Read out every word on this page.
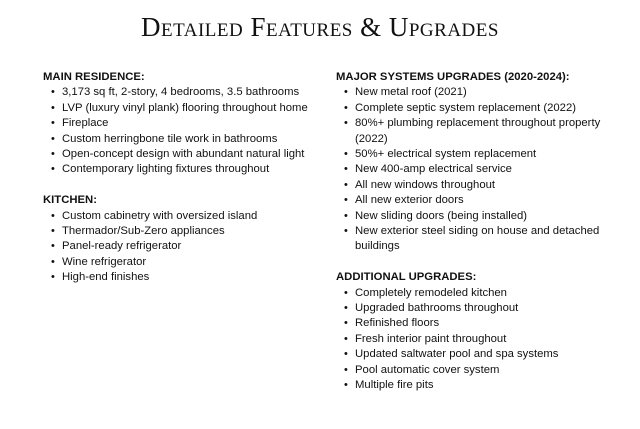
Detailed Features & Upgrades

MAIN RESIDENCE:

• 3,173 sq ft, 2-story, 4 bedrooms, 3.5 bathrooms
• LVP (luxury vinyl plank) flooring throughout home
• Fireplace
• Custom herringbone tile work in bathrooms
• Open-concept design with abundant natural light
• Contemporary lighting fixtures throughout

KITCHEN:

• Custom cabinetry with oversized island
• Thermador/Sub-Zero appliances
• Panel-ready refrigerator
• Wine refrigerator
• High-end finishes

MAJOR SYSTEMS UPGRADES (2020-2024):

• New metal roof (2021)
• Complete septic system replacement (2022)
• 80%+ plumbing replacement throughout property (2022)
• 50%+ electrical system replacement
• New 400-amp electrical service
• All new windows throughout
• All new exterior doors
• New sliding doors (being installed)
• New exterior steel siding on house and detached buildings

ADDITIONAL UPGRADES:

• Completely remodeled kitchen
• Upgraded bathrooms throughout
• Refinished floors
• Fresh interior paint throughout
• Updated saltwater pool and spa systems
• Pool automatic cover system
• Multiple fire pits
